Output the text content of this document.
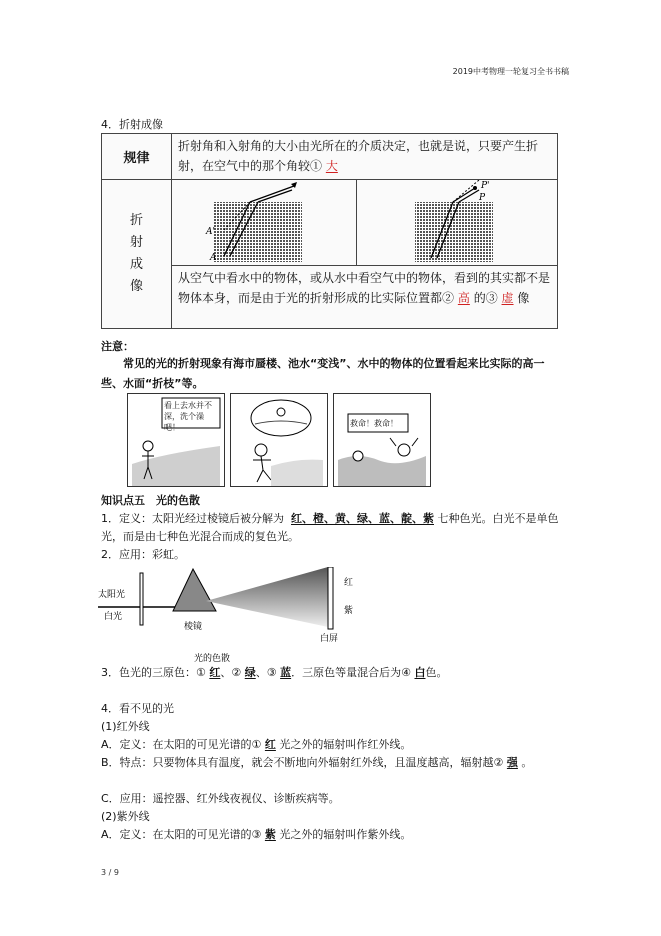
2019中考物理一轮复习全书书稿
4．折射成像
规律
折射角和入射角的大小由光所在的介质决定，也就是说，只要产生折射，在空气中的那个角较① 大
折
射
成
像
A'
A
P'
P
从空气中看水中的物体，或从水中看空气中的物体，看到的其实都不是物体本身，而是由于光的折射形成的比实际位置都② 高 的③ 虚 像
注意：
常见的光的折射现象有海市蜃楼、池水“变浅”、水中的物体的位置看起来比实际的高一些、水面“折枝”等。
看上去水并不深，洗个澡吧！	救命！救命！
知识点五　光的色散
1．定义：太阳光经过棱镜后被分解为 红、橙、黄、绿、蓝、靛、紫 七种色光。白光不是单色光，而是由七种色光混合而成的复色光。
2．应用：彩虹。
太阳光
白光
棱镜
红
紫
白屏
光的色散
3．色光的三原色：① 红、② 绿、③ 蓝．三原色等量混合后为④ 白色。
4．看不见的光
(1)红外线
A．定义：在太阳的可见光谱的① 红 光之外的辐射叫作红外线。
B．特点：只要物体具有温度，就会不断地向外辐射红外线，且温度越高，辐射越② 强 。
C．应用：遥控器、红外线夜视仪、诊断疾病等。
(2)紫外线
A．定义：在太阳的可见光谱的③ 紫 光之外的辐射叫作紫外线。
3 / 9
